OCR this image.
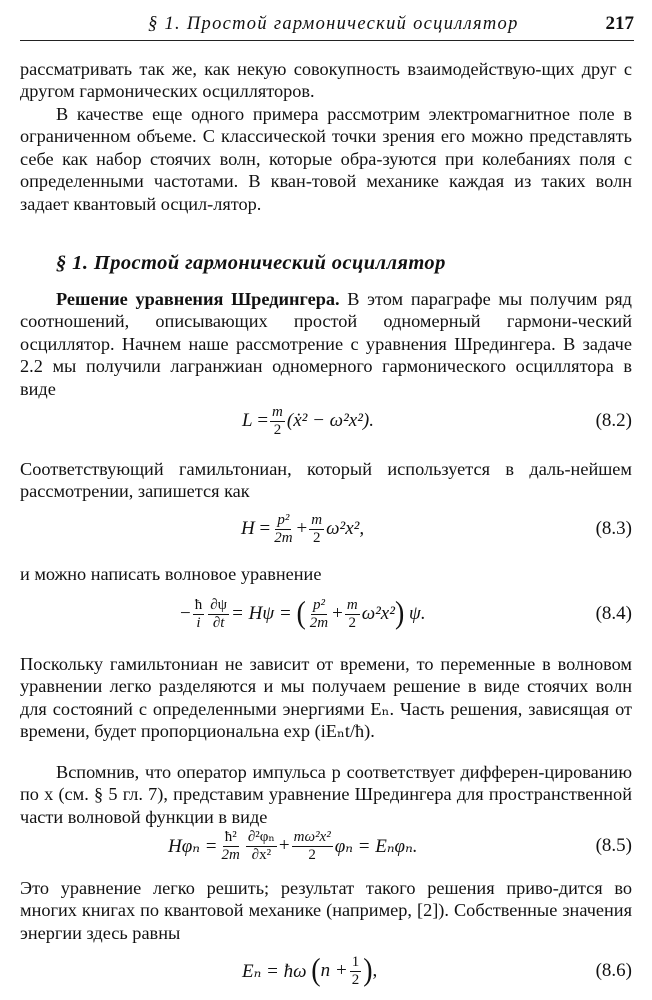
§ 1. Простой гармонический осциллятор	217

рассматривать так же, как некую совокупность взаимодействую-щих друг с другом гармонических осцилляторов.

В качестве еще одного примера рассмотрим электромагнитное поле в ограниченном объеме. С классической точки зрения его можно представлять себе как набор стоячих волн, которые обра-зуются при колебаниях поля с определенными частотами. В кван-товой механике каждая из таких волн задает квантовый осцил-лятор.

§ 1. Простой гармонический осциллятор

Решение уравнения Шредингера. В этом параграфе мы получим ряд соотношений, описывающих простой одномерный гармони-ческий осциллятор. Начнем наше рассмотрение с уравнения Шредингера. В задаче 2.2 мы получили лагранжиан одномерного гармонического осциллятора в виде

L
= $\frac{m}{2}$ (ẋ² − ω²x²).	(8.2)

Соответствующий гамильтониан, который используется в даль-нейшем рассмотрении, запишется как

H
= $\frac{\text{p²}}{2m} + \frac{m}{2} \omega^2x^2$,	(8.3)

и можно написать волновое уравнение

− $\frac{ħ}{i} \frac{\partial\psi}{\partial t} = H\psi$ =
( $\frac{\text{p²}}{2m} + \frac{m}{2} \omega^2x^2$ )
ψ.	(8.4)

Поскольку гамильтониан не зависит от времени, то переменные в волновом уравнении легко разделяются и мы получаем решение в виде стоячих волн для состояний с определенными энергиями Eₙ. Часть решения, зависящая от времени, будет пропорциональна exp (iEₙt/ħ).

Вспомнив, что оператор импульса p соответствует дифферен-цированию по x (см. § 5 гл. 7), представим уравнение Шредингера для пространственной части волновой функции в виде

$H\varphi_n = \frac{\text{ħ²}}{2m} \frac{\text{∂²φₙ}}{\text{∂x²}} + \frac{\text{mω²x²}}{2}$ φₙ = Eₙφₙ.	(8.5)

Это уравнение легко решить; результат такого решения приво-дится во многих книгах по квантовой механике (например, [2]). Собственные значения энергии здесь равны

Eₙ = ħω
( $n + \frac{1}{2}$ ) ,	(8.6)
